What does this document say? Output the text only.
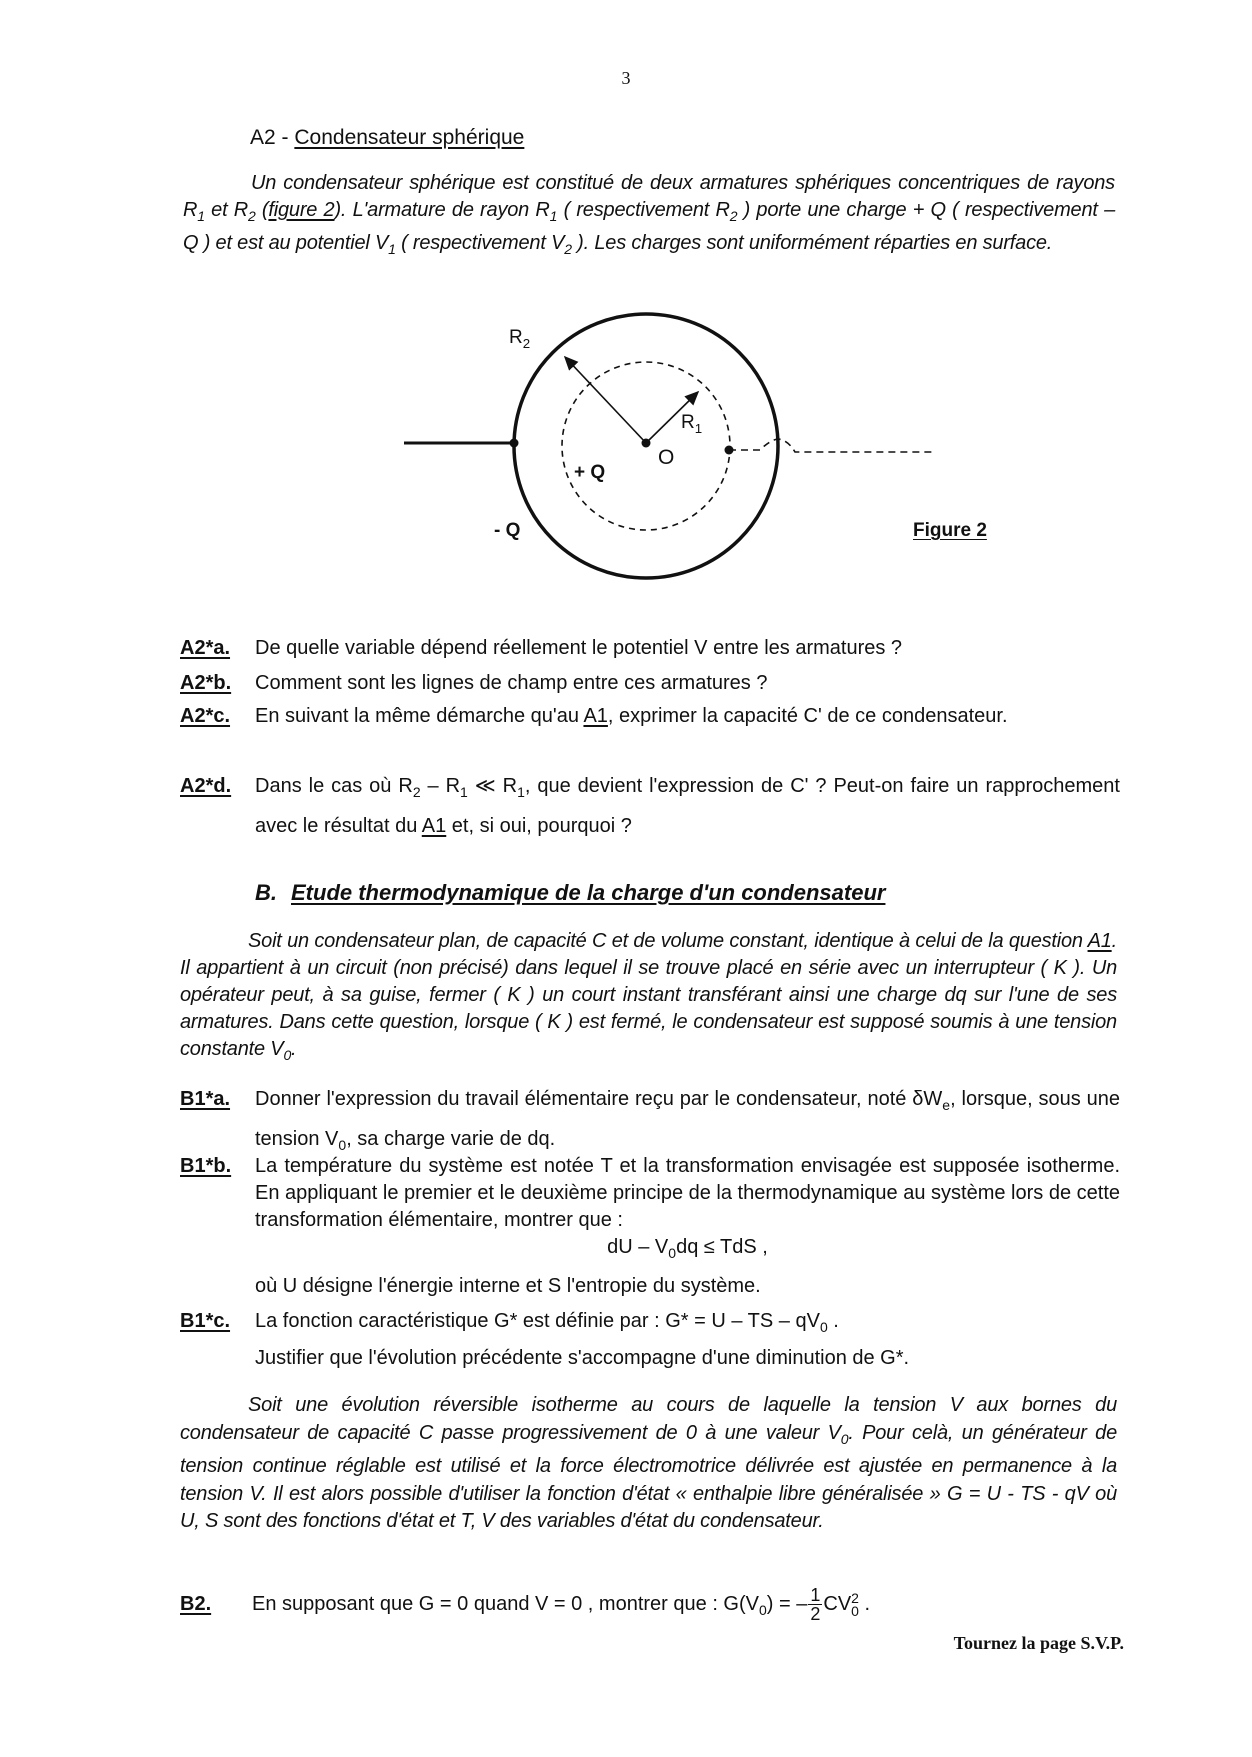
3
A2 - Condensateur sphérique

Un condensateur sphérique est constitué de deux armatures sphériques concentriques de rayons $R_1$ et $R_2$ (figure 2). L'armature de rayon $R_1$ ( respectivement $R_2$ ) porte une charge + Q ( respectivement – Q ) et est au potentiel $V_1$ ( respectivement $V_2$ ). Les charges sont uniformément réparties en surface.

$R_2$
$R_1$
O
+ Q
- Q	Figure 2
A2*a. De quelle variable dépend réellement le potentiel V entre les armatures ?
A2*b. Comment sont les lignes de champ entre ces armatures ?
A2*c. En suivant la même démarche qu'au A1, exprimer la capacité C' de ce condensateur.
A2*d. Dans le cas où $R_2 - R_1$ ≪ $R_1$, que devient l'expression de C' ? Peut-on faire un rapprochement avec le résultat du A1 et, si oui, pourquoi ?
B. Etude thermodynamique de la charge d'un condensateur

Soit un condensateur plan, de capacité C et de volume constant, identique à celui de la question A1. Il appartient à un circuit (non précisé) dans lequel il se trouve placé en série avec un interrupteur ( K ). Un opérateur peut, à sa guise, fermer ( K ) un court instant transférant ainsi une charge dq sur l'une de ses armatures. Dans cette question, lorsque ( K ) est fermé, le condensateur est supposé soumis à une tension constante $V_0$.

B1*a. Donner l'expression du travail élémentaire reçu par le condensateur, noté $\delta W_e$, lorsque, sous une tension $V_0$, sa charge varie de dq.
B1*b. La température du système est notée T et la transformation envisagée est supposée isotherme. En appliquant le premier et le deuxième principe de la thermodynamique au système lors de cette transformation élémentaire, montrer que :
dU – $V_0dq$ ≤ TdS ,
où U désigne l'énergie interne et S l'entropie du système.
B1*c. La fonction caractéristique G* est définie par : G* = U – TS – $qV_0$ .
Justifier que l'évolution précédente s'accompagne d'une diminution de G*.

Soit une évolution réversible isotherme au cours de laquelle la tension V aux bornes du condensateur de capacité C passe progressivement de 0 à une valeur $V_0$. Pour celà, un générateur de tension continue réglable est utilisé et la force électromotrice délivrée est ajustée en permanence à la tension V. Il est alors possible d'utiliser la fonction d'état « enthalpie libre généralisée » G = U - TS - qV où U, S sont des fonctions d'état et T, V des variables d'état du condensateur.

B2. En supposant que G = 0 quand V = 0 , montrer que : $G(V_0)$ = – $\frac{1}{2}$ CV 2
0 .
Tournez la page S.V.P.
